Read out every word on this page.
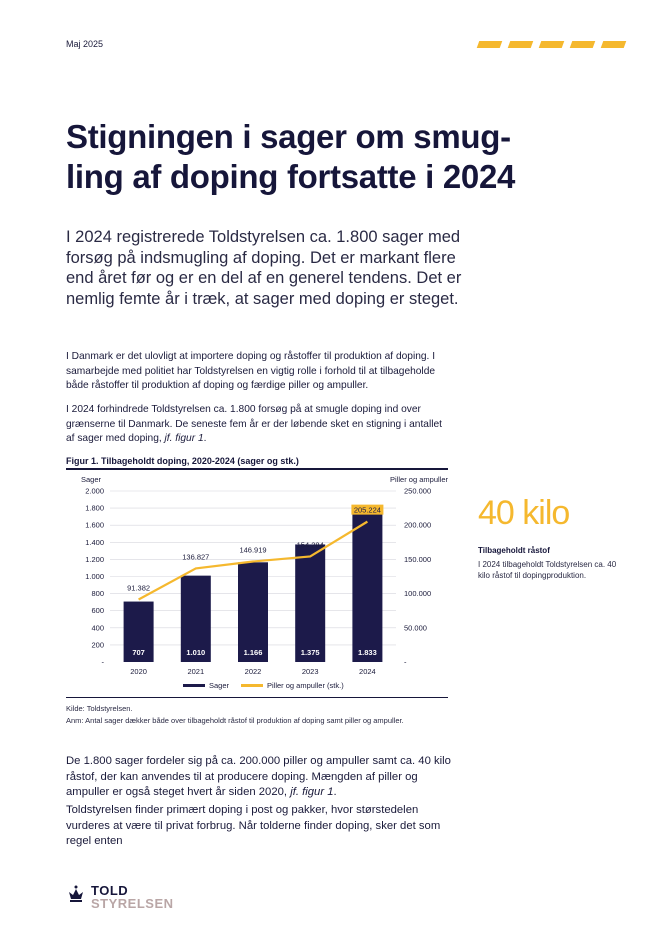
Maj 2025
Stigningen i sager om smug-
ling af doping fortsatte i 2024

I 2024 registrerede Toldstyrelsen ca. 1.800 sager med forsøg på indsmugling af doping. Det er markant flere end året før og er en del af en generel tendens. Det er nemlig femte år i træk, at sager med doping er steget.

I Danmark er det ulovligt at importere doping og råstoffer til produktion af doping. I samarbejde med politiet har Toldstyrelsen en vigtig rolle i forhold til at tilbageholde både råstoffer til produktion af doping og færdige piller og ampuller.

I 2024 forhindrede Toldstyrelsen ca. 1.800 forsøg på at smugle doping ind over grænserne til Danmark. De seneste fem år er der løbende sket en stigning i antallet af sager med doping, jf. figur 1.

Figur 1. Tilbageholdt doping, 2020-2024 (sager og stk.)
Sager	Piller og ampuller
2.000
1.800
1.600
1.400
1.200
1.000
800
600
400
200
-
250.000
200.000
150.000
100.000
50.000
-
707	1.010	1.166	1.375	1.833
91.382
136.827
146.919
154.284
205.224
2020	2021	2022	2023	2024
Sager	Piller og ampuller (stk.)
Kilde: Toldstyrelsen.
Anm: Antal sager dækker både over tilbageholdt råstof til produktion af doping samt piller og ampuller.
40 kilo
Tilbageholdt råstof

I 2024 tilbageholdt Toldstyrelsen ca. 40 kilo råstof til dopingproduktion.

De 1.800 sager fordeler sig på ca. 200.000 piller og ampuller samt ca. 40 kilo råstof, der kan anvendes til at producere doping. Mængden af piller og ampuller er også steget hvert år siden 2020, jf. figur 1.

Toldstyrelsen finder primært doping i post og pakker, hvor størstedelen vurderes at være til privat forbrug. Når tolderne finder doping, sker det som regel enten

TOLD
STYRELSEN
